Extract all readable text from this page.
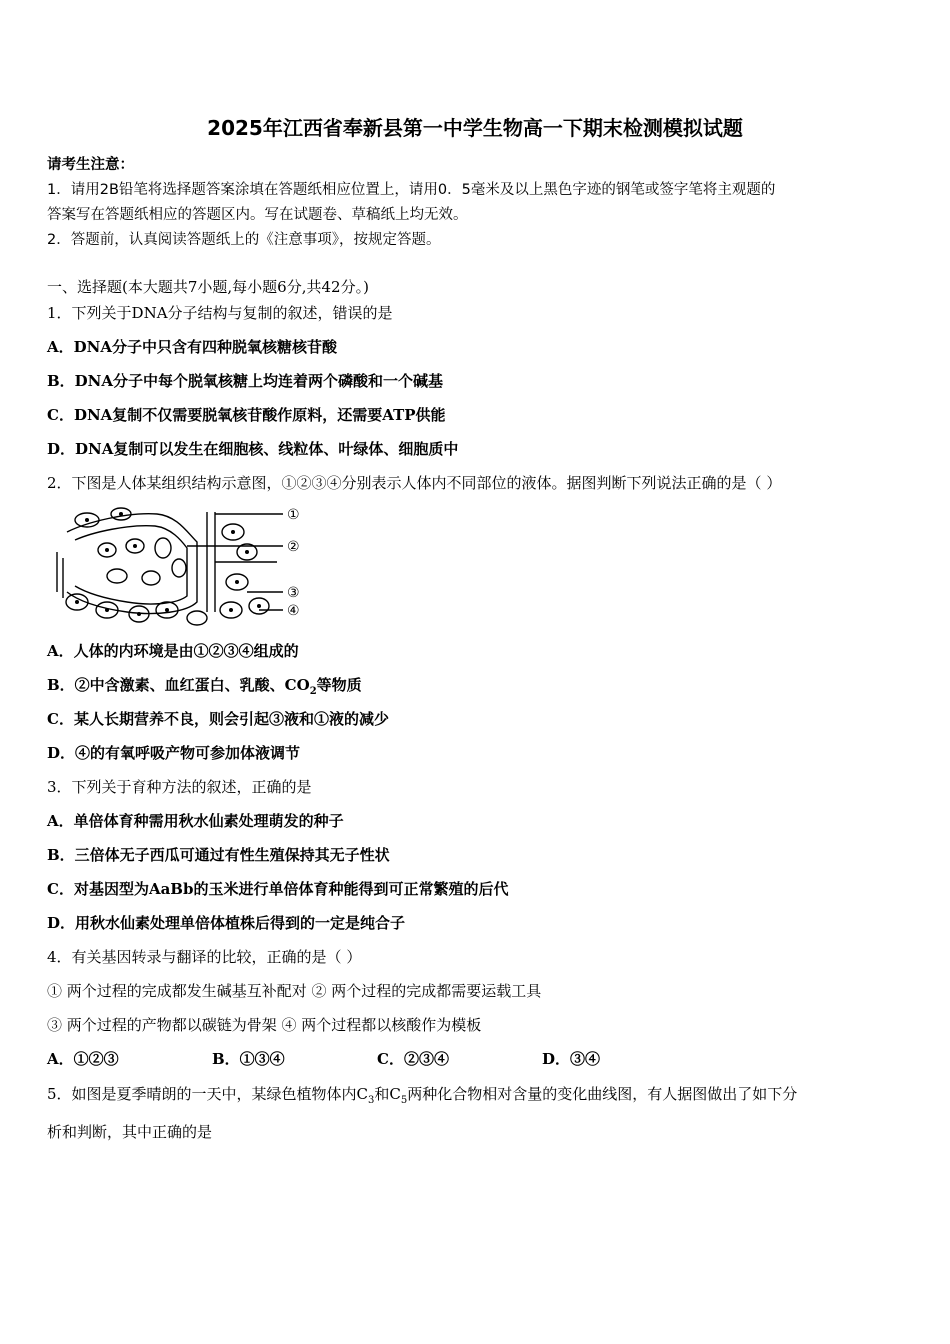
2025年江西省奉新县第一中学生物高一下期末检测模拟试题
请考生注意：
1．请用2B铅笔将选择题答案涂填在答题纸相应位置上，请用0．5毫米及以上黑色字迹的钢笔或签字笔将主观题的
答案写在答题纸相应的答题区内。写在试题卷、草稿纸上均无效。
2．答题前，认真阅读答题纸上的《注意事项》，按规定答题。
一、选择题(本大题共7小题,每小题6分,共42分。)
1．下列关于DNA分子结构与复制的叙述，错误的是
A．DNA分子中只含有四种脱氧核糖核苷酸
B．DNA分子中每个脱氧核糖上均连着两个磷酸和一个碱基
C．DNA复制不仅需要脱氧核苷酸作原料，还需要ATP供能
D．DNA复制可以发生在细胞核、线粒体、叶绿体、细胞质中
2．下图是人体某组织结构示意图，①②③④分别表示人体内不同部位的液体。据图判断下列说法正确的是（ ）
①
②
③
④
A．人体的内环境是由①②③④组成的
B．②中含激素、血红蛋白、乳酸、$CO_2$等物质
C．某人长期营养不良，则会引起③液和①液的减少
D．④的有氧呼吸产物可参加体液调节
3．下列关于育种方法的叙述，正确的是
A．单倍体育种需用秋水仙素处理萌发的种子
B．三倍体无子西瓜可通过有性生殖保持其无子性状
C．对基因型为AaBb的玉米进行单倍体育种能得到可正常繁殖的后代
D．用秋水仙素处理单倍体植株后得到的一定是纯合子
4．有关基因转录与翻译的比较，正确的是（ ）
① 两个过程的完成都发生碱基互补配对 ② 两个过程的完成都需要运载工具
③ 两个过程的产物都以碳链为骨架 ④ 两个过程都以核酸作为模板
A．①②③	B．①③④	C．②③④	D．③④
5．如图是夏季晴朗的一天中，某绿色植物体内$C_3$和$C_5$两种化合物相对含量的变化曲线图，有人据图做出了如下分
析和判断，其中正确的是
